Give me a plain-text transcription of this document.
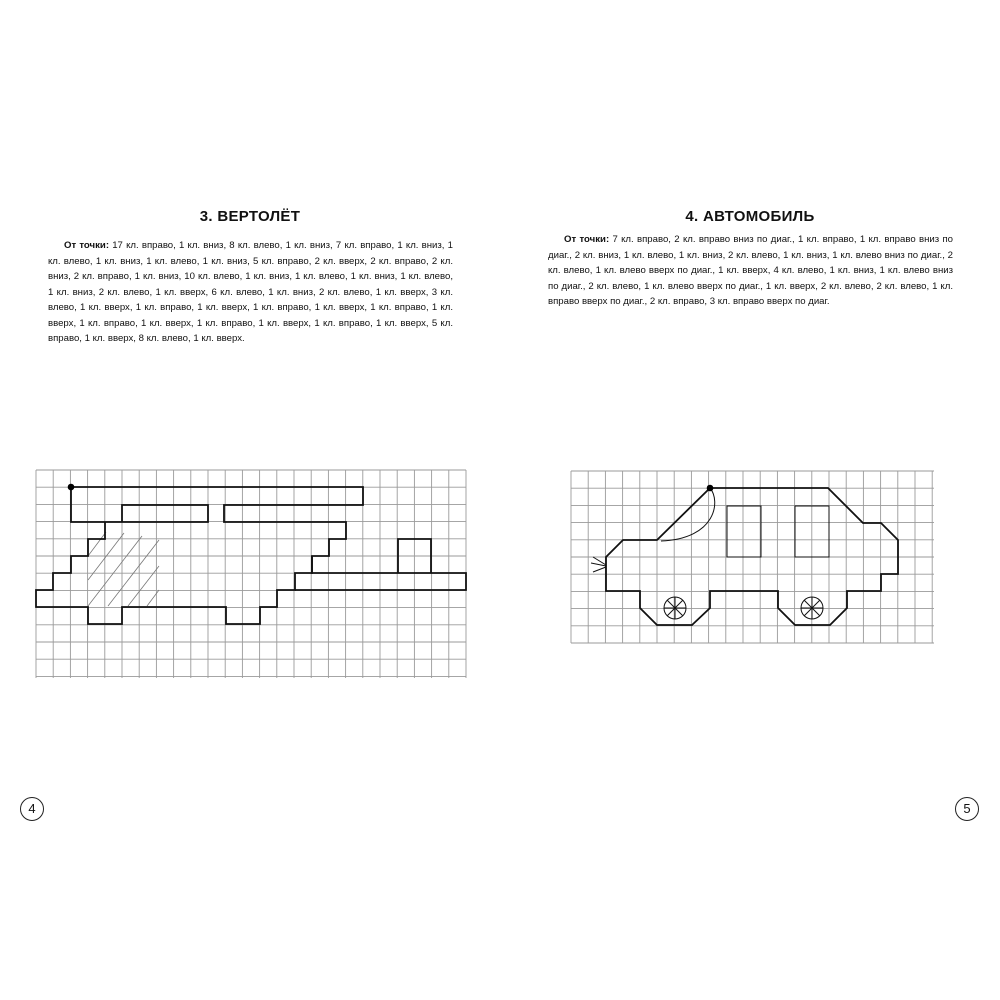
3. ВЕРТОЛЁТ
От точки: 17 кл. вправо, 1 кл. вниз, 8 кл. влево, 1 кл. вниз, 7 кл. вправо, 1 кл. вниз, 1 кл. влево, 1 кл. вниз, 1 кл. влево, 1 кл. вниз, 5 кл. вправо, 2 кл. вверх, 2 кл. вправо, 2 кл. вниз, 2 кл. вправо, 1 кл. вниз, 10 кл. влево, 1 кл. вниз, 1 кл. влево, 1 кл. вниз, 1 кл. влево, 1 кл. вниз, 2 кл. влево, 1 кл. вверх, 6 кл. влево, 1 кл. вниз, 2 кл. влево, 1 кл. вверх, 3 кл. влево, 1 кл. вверх, 1 кл. вправо, 1 кл. вверх, 1 кл. вправо, 1 кл. вверх, 1 кл. вправо, 1 кл. вверх, 1 кл. вправо, 1 кл. вверх, 1 кл. вправо, 1 кл. вверх, 1 кл. вправо, 1 кл. вверх, 5 кл. вправо, 1 кл. вверх, 8 кл. влево, 1 кл. вверх.
4
4. АВТОМОБИЛЬ
От точки: 7 кл. вправо, 2 кл. вправо вниз по диаг., 1 кл. вправо, 1 кл. вправо вниз по диаг., 2 кл. вниз, 1 кл. влево, 1 кл. вниз, 2 кл. влево, 1 кл. вниз, 1 кл. влево вниз по диаг., 2 кл. влево, 1 кл. влево вверх по диаг., 1 кл. вверх, 4 кл. влево, 1 кл. вниз, 1 кл. влево вниз по диаг., 2 кл. влево, 1 кл. влево вверх по диаг., 1 кл. вверх, 2 кл. влево, 2 кл. влево, 1 кл. вправо вверх по диаг., 2 кл. вправо, 3 кл. вправо вверх по диаг.
5
